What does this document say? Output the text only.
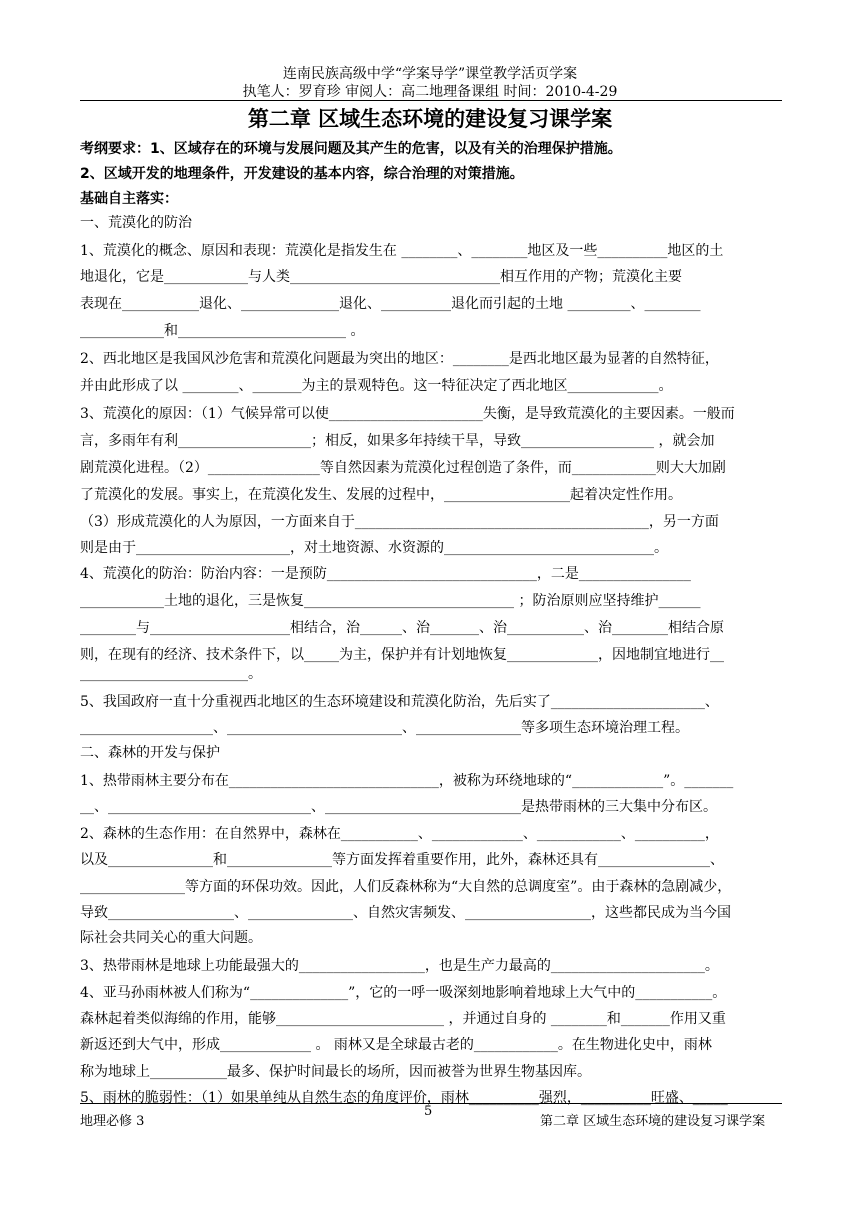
连南民族高级中学“学案导学”课堂教学活页学案
执笔人：罗育珍 审阅人：高二地理备课组 时间：2010-4-29
第二章 区域生态环境的建设复习课学案
考纲要求：1、区域存在的环境与发展问题及其产生的危害，以及有关的治理保护措施。
2、区域开发的地理条件，开发建设的基本内容，综合治理的对策措施。
基础自主落实：
一、荒漠化的防治
1、荒漠化的概念、原因和表现：荒漠化是指发生在 ________、________地区及一些__________地区的土
地退化，它是____________与人类______________________________相互作用的产物；荒漠化主要
表现在___________退化、______________退化、__________退化而引起的土地 _________、________
____________和________________________ 。
2、西北地区是我国风沙危害和荒漠化问题最为突出的地区：________是西北地区最为显著的自然特征，
并由此形成了以 ________、_______为主的景观特色。这一特征决定了西北地区_____________。
3、荒漠化的原因：（1）气候异常可以使______________________失衡，是导致荒漠化的主要因素。一般而
言，多雨年有利___________________；相反，如果多年持续干旱，导致___________________ ，就会加
剧荒漠化进程。（2）________________等自然因素为荒漠化过程创造了条件，而____________则大大加剧
了荒漠化的发展。事实上，在荒漠化发生、发展的过程中，__________________起着决定性作用。
（3）形成荒漠化的人为原因，一方面来自于__________________________________________，另一方面
则是由于______________________，对土地资源、水资源的______________________________。
4、荒漠化的防治：防治内容：一是预防______________________________，二是________________
____________土地的退化，三是恢复______________________________ ；防治原则应坚持维护______
________与____________________相结合，治______、治_______、治___________、治________相结合原
则，在现有的经济、技术条件下，以_____为主，保护并有计划地恢复_____________，因地制宜地进行__
________________________。
5、我国政府一直十分重视西北地区的生态环境建设和荒漠化防治，先后实了______________________、
___________________、_________________________、_______________等多项生态环境治理工程。
二、森林的开发与保护
1、热带雨林主要分布在______________________________，被称为环绕地球的“_____________”。_______
__、_____________________________、____________________________是热带雨林的三大集中分布区。
2、森林的生态作用：在自然界中，森林在___________、_____________、____________、__________，
以及_______________和_______________等方面发挥着重要作用，此外，森林还具有________________、
_______________等方面的环保功效。因此，人们反森林称为“大自然的总调度室”。由于森林的急剧减少，
导致__________________、_______________、自然灾害频发、__________________，这些都民成为当今国
际社会共同关心的重大问题。
3、热带雨林是地球上功能最强大的__________________，也是生产力最高的______________________。
4、亚马孙雨林被人们称为“______________”，它的一呼一吸深刻地影响着地球上大气中的___________。
森林起着类似海绵的作用，能够________________________ ，并通过自身的 ________和_______作用又重
新返还到大气中，形成_____________ 。 雨林又是全球最古老的____________。在生物进化史中，雨林
称为地球上___________最多、保护时间最长的场所，因而被誉为世界生物基因库。
5、雨林的脆弱性：（1）如果单纯从自然生态的角度评价，雨林__________强烈，__________旺盛、_____
地理必修 3
5
第二章 区域生态环境的建设复习课学案
